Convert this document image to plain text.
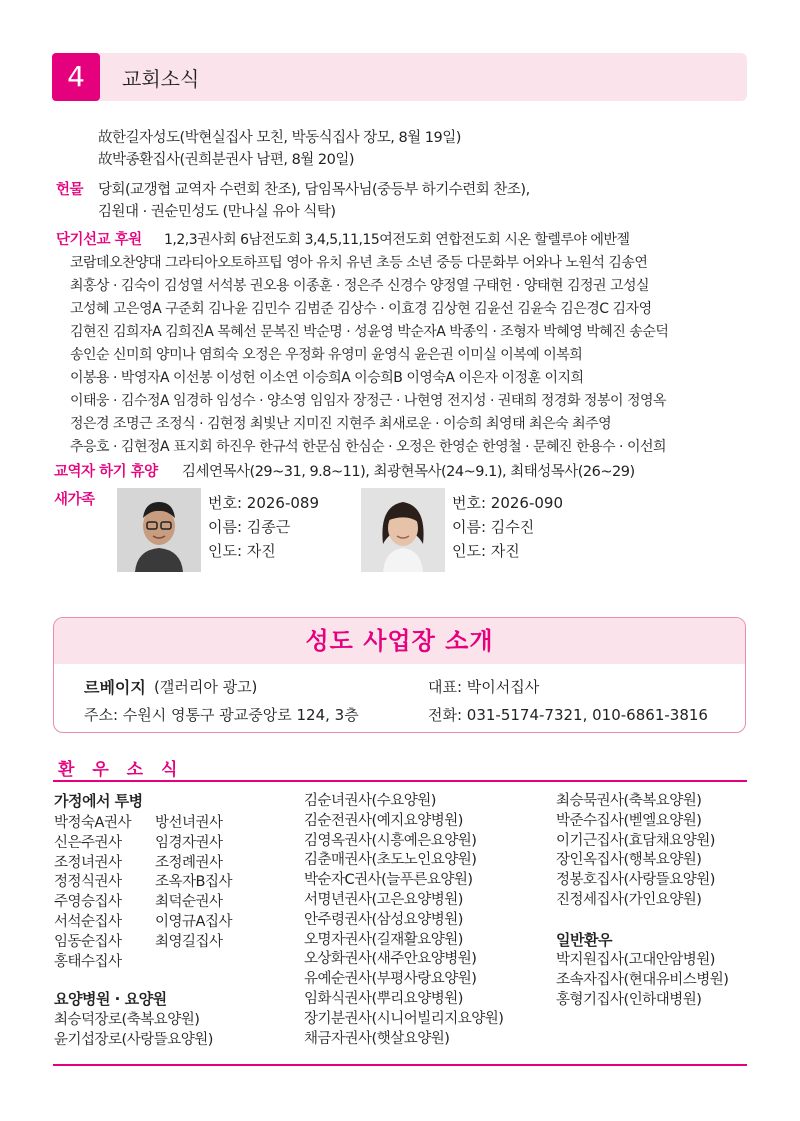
4	교회소식
故한길자성도(박현실집사 모친, 박동식집사 장모, 8월 19일)
故박종환집사(권희분권사 남편, 8월 20일)
헌물 당회(교갱협 교역자 수련회 찬조), 담임목사님(중등부 하기수련회 찬조),
김원대 · 권순민성도 (만나실 유아 식탁)
단기선교 후원 1,2,3권사회 6남전도회 3,4,5,11,15여전도회 연합전도회 시온 할렐루야 에반젤
코람데오찬양대 그라티아오토하프팁 영아 유치 유년 초등 소년 중등 다문화부 어와나 노원석 김송연
최홍상 · 김숙이 김성열 서석봉 권오용 이종훈 · 정은주 신경수 양정열 구태헌 · 양태현 김정권 고성실
고성혜 고은영A 구준회 김나윤 김민수 김범준 김상수 · 이효경 김상현 김윤선 김윤숙 김은경C 김자영
김현진 김희자A 김희진A 목혜선 문복진 박순명 · 성윤영 박순자A 박종익 · 조형자 박혜영 박혜진 송순덕
송인순 신미희 양미나 염희숙 오정은 우정화 유영미 윤영식 윤은권 이미실 이복예 이복희
이봉용 · 박영자A 이선봉 이성헌 이소연 이승희A 이승희B 이영숙A 이은자 이정훈 이지희
이태웅 · 김수정A 임경하 임성수 · 양소영 임임자 장정근 · 나현영 전지성 · 권태희 정경화 정봉이 정영옥
정은경 조명근 조정식 · 김현정 최빛난 지미진 지현주 최새로운 · 이승희 최영태 최은숙 최주영
추응호 · 김현정A 표지회 하진우 한규석 한문심 한심순 · 오정은 한영순 한영철 · 문혜진 한용수 · 이선희
교역자 하기 휴양 김세연목사(29~31, 9.8~11), 최광현목사(24~9.1), 최태성목사(26~29)
새가족	번호: 2026-089
이름: 김종근
인도: 자진
번호: 2026-090
이름: 김수진
인도: 자진
성도 사업장 소개
르베이지 (갤러리아 광고)
주소: 수원시 영통구 광교중앙로 124, 3층
대표: 박이서집사
전화: 031-5174-7321, 010-6861-3816
환 우 소 식
가정에서 투병
박정숙A권사
신은주권사
조정녀권사
정정식권사
주영승집사
서석순집사
임동순집사
홍태수집사
방선녀권사
임경자권사
조정례권사
조옥자B집사
최덕순권사
이영규A집사
최영길집사
요양병원 · 요양원
최승덕장로(축복요양원)
윤기섭장로(사랑뜰요양원)
김순녀권사(수요양원)
김순전권사(예지요양병원)
김영옥권사(시흥예은요양원)
김춘매권사(초도노인요양원)
박순자C권사(늘푸른요양원)
서명년권사(고은요양병원)
안주령권사(삼성요양병원)
오명자권사(길재활요양원)
오상화권사(새주안요양병원)
유예순권사(부평사랑요양원)
임화식권사(뿌리요양병원)
장기분권사(시니어빌리지요양원)
채금자권사(햇살요양원)
최승묵권사(축복요양원)
박준수집사(벧엘요양원)
이기근집사(효담채요양원)
장인옥집사(행복요양원)
정봉호집사(사랑뜰요양원)
진정세집사(가인요양원)
일반환우
박지원집사(고대안암병원)
조속자집사(현대유비스병원)
홍형기집사(인하대병원)
